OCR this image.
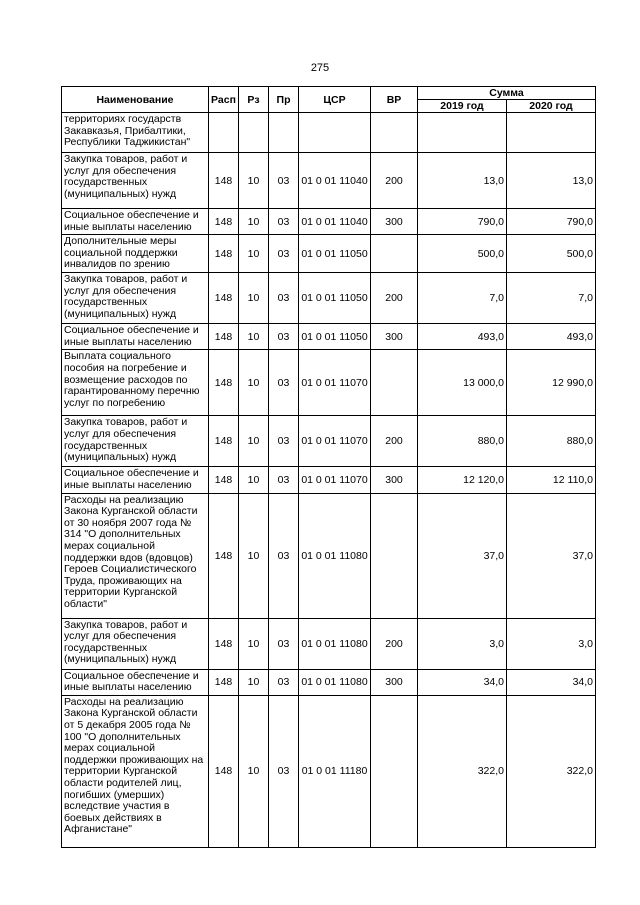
275
Наименование	Расп	Рз	Пр	ЦСР	ВР	Сумма	
						2019 год	2020 год
территориях государств Закавказья, Прибалтики, Республики Таджикистан"							
Закупка товаров, работ и услуг для обеспечения государственных (муниципальных) нужд	148	10	03	01 0 01 11040	200	13,0	13,0
Социальное обеспечение и иные выплаты населению	148	10	03	01 0 01 11040	300	790,0	790,0
Дополнительные меры социальной поддержки инвалидов по зрению	148	10	03	01 0 01 11050		500,0	500,0
Закупка товаров, работ и услуг для обеспечения государственных (муниципальных) нужд	148	10	03	01 0 01 11050	200	7,0	7,0
Социальное обеспечение и иные выплаты населению	148	10	03	01 0 01 11050	300	493,0	493,0
Выплата социального пособия на погребение и возмещение расходов по гарантированному перечню услуг по погребению	148	10	03	01 0 01 11070		13 000,0	12 990,0
Закупка товаров, работ и услуг для обеспечения государственных (муниципальных) нужд	148	10	03	01 0 01 11070	200	880,0	880,0
Социальное обеспечение и иные выплаты населению	148	10	03	01 0 01 11070	300	12 120,0	12 110,0
Расходы на реализацию Закона Курганской области от 30 ноября 2007 года № 314 "О дополнительных мерах социальной поддержки вдов (вдовцов) Героев Социалистического Труда, проживающих на территории Курганской области"	148	10	03	01 0 01 11080		37,0	37,0
Закупка товаров, работ и услуг для обеспечения государственных (муниципальных) нужд	148	10	03	01 0 01 11080	200	3,0	3,0
Социальное обеспечение и иные выплаты населению	148	10	03	01 0 01 11080	300	34,0	34,0
Расходы на реализацию Закона Курганской области от 5 декабря 2005 года № 100 "О дополнительных мерах социальной поддержки проживающих на территории Курганской области родителей лиц, погибших (умерших) вследствие участия в боевых действиях в Афганистане"	148	10	03	01 0 01 11180		322,0	322,0
